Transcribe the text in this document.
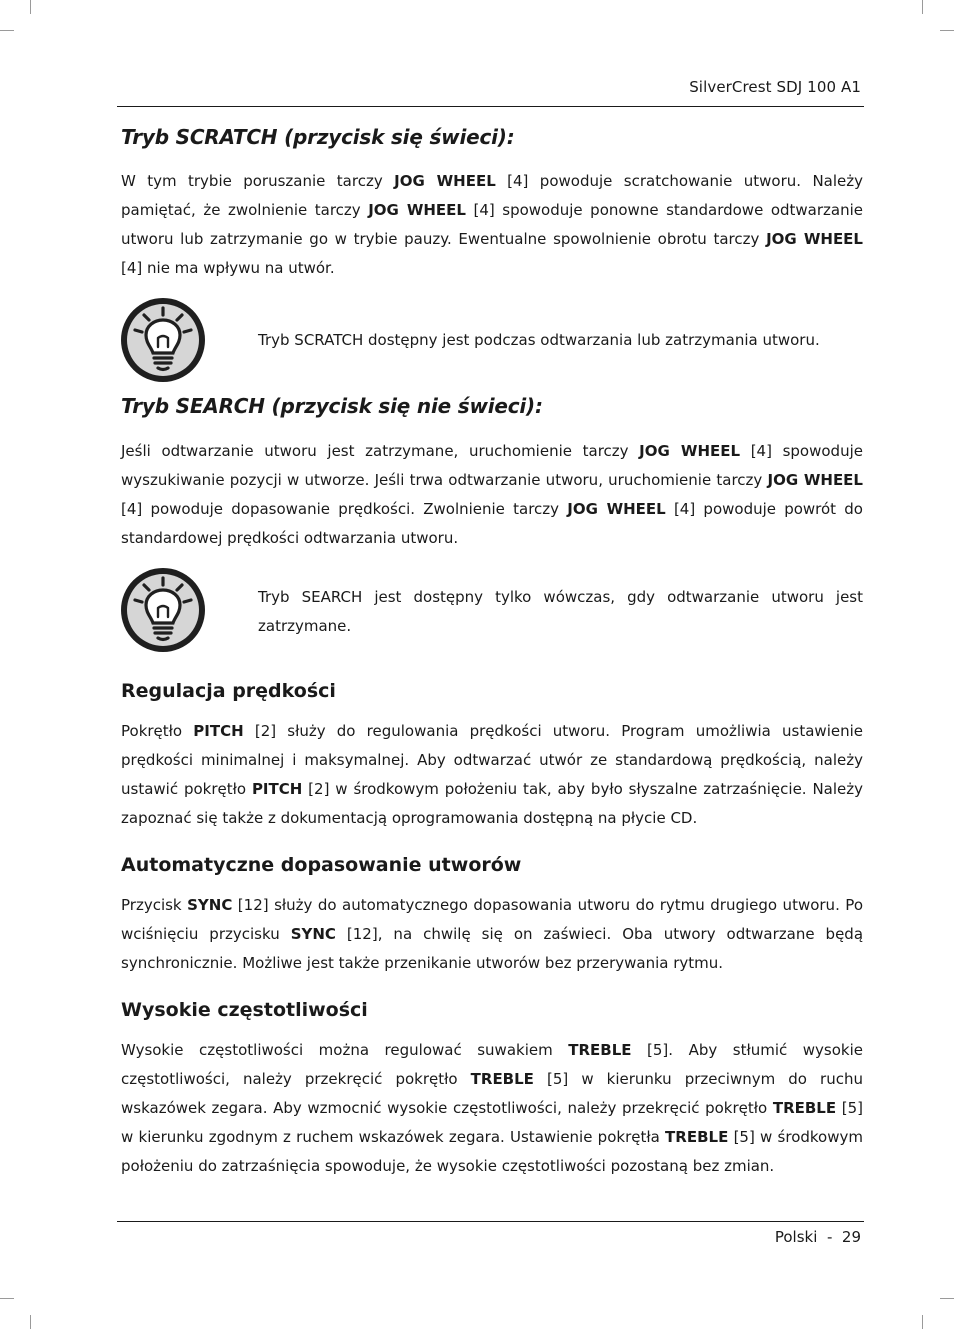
SilverCrest SDJ 100 A1
Tryb SCRATCH (przycisk się świeci):

W tym trybie poruszanie tarczy JOG WHEEL [4] powoduje scratchowanie utworu. Należy pamiętać, że zwolnienie tarczy JOG WHEEL [4] spowoduje ponowne standardowe odtwarzanie utworu lub zatrzymanie go w trybie pauzy. Ewentualne spowolnienie obrotu tarczy JOG WHEEL [4] nie ma wpływu na utwór.

Tryb SCRATCH dostępny jest podczas odtwarzania lub zatrzymania utworu.

Tryb SEARCH (przycisk się nie świeci):

Jeśli odtwarzanie utworu jest zatrzymane, uruchomienie tarczy JOG WHEEL [4] spowoduje wyszukiwanie pozycji w utworze. Jeśli trwa odtwarzanie utworu, uruchomienie tarczy JOG WHEEL [4] powoduje dopasowanie prędkości. Zwolnienie tarczy JOG WHEEL [4] powoduje powrót do standardowej prędkości odtwarzania utworu.

Tryb SEARCH jest dostępny tylko wówczas, gdy odtwarzanie utworu jest zatrzymane.

Regulacja prędkości

Pokrętło PITCH [2] służy do regulowania prędkości utworu. Program umożliwia ustawienie prędkości minimalnej i maksymalnej. Aby odtwarzać utwór ze standardową prędkością, należy ustawić pokrętło PITCH [2] w środkowym położeniu tak, aby było słyszalne zatrzaśnięcie. Należy zapoznać się także z dokumentacją oprogramowania dostępną na płycie CD.

Automatyczne dopasowanie utworów

Przycisk SYNC [12] służy do automatycznego dopasowania utworu do rytmu drugiego utworu. Po wciśnięciu przycisku SYNC [12], na chwilę się on zaświeci. Oba utwory odtwarzane będą synchronicznie. Możliwe jest także przenikanie utworów bez przerywania rytmu.

Wysokie częstotliwości

Wysokie częstotliwości można regulować suwakiem TREBLE [5]. Aby stłumić wysokie częstotliwości, należy przekręcić pokrętło TREBLE [5] w kierunku przeciwnym do ruchu wskazówek zegara. Aby wzmocnić wysokie częstotliwości, należy przekręcić pokrętło TREBLE [5] w kierunku zgodnym z ruchem wskazówek zegara. Ustawienie pokrętła TREBLE [5] w środkowym położeniu do zatrzaśnięcia spowoduje, że wysokie częstotliwości pozostaną bez zmian.

Polski - 29
